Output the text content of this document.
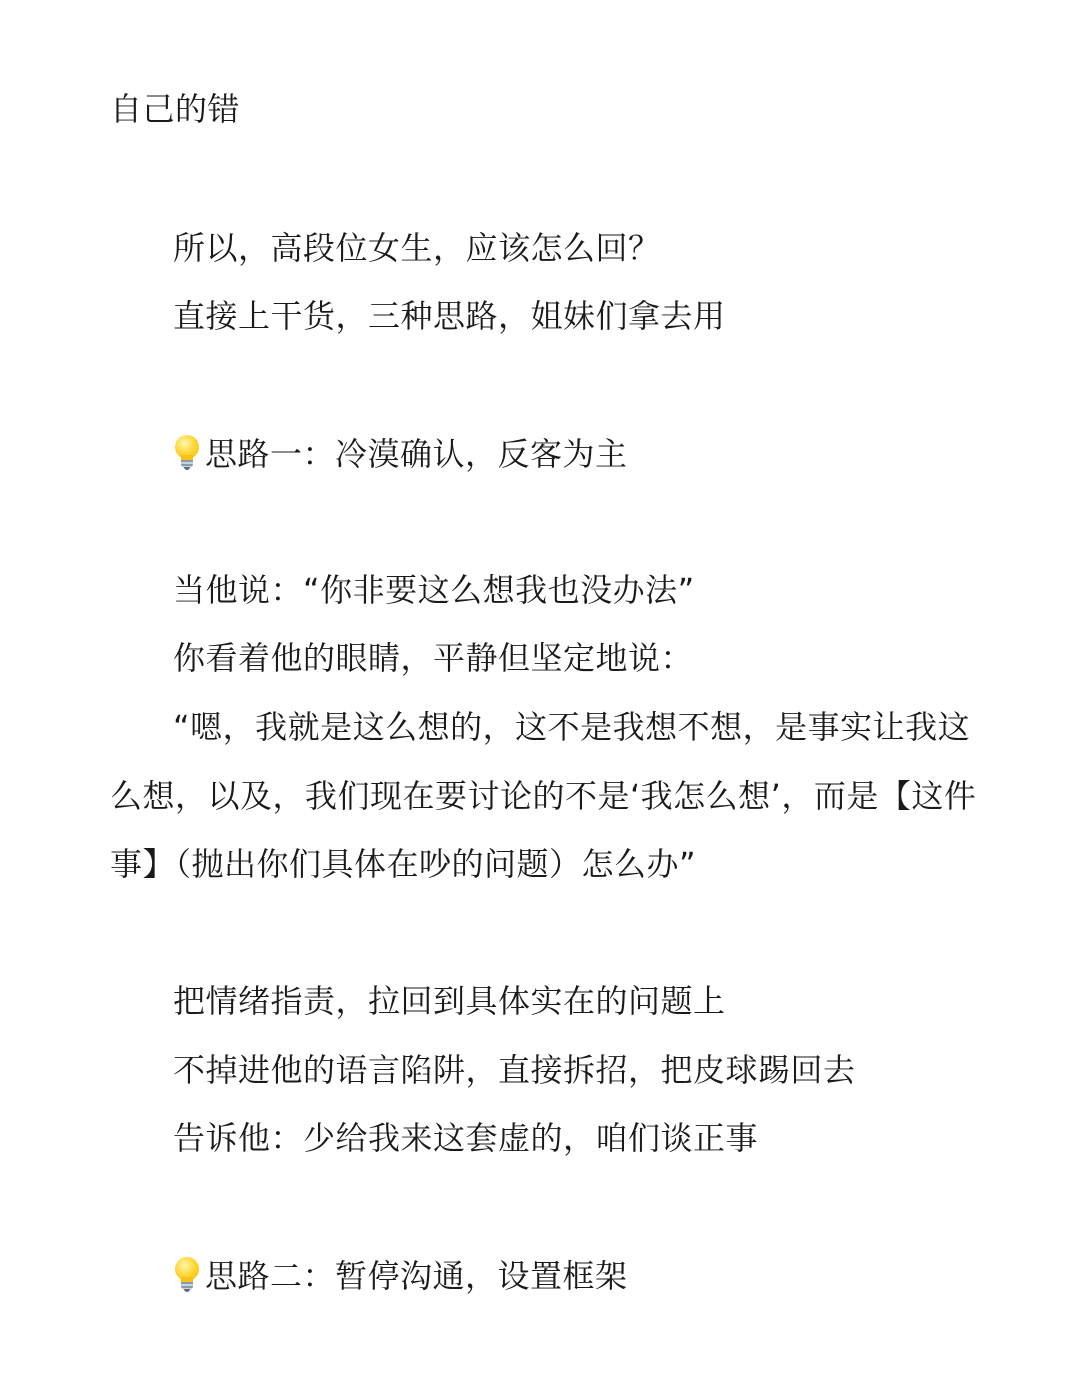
自己的错
所以，高段位女生，应该怎么回？
直接上干货，三种思路，姐妹们拿去用
思路一：冷漠确认，反客为主
当他说：“你非要这么想我也没办法”
你看着他的眼睛，平静但坚定地说：
“嗯，我就是这么想的，这不是我想不想，是事实让我这
么想，以及，我们现在要讨论的不是‘我怎么想’，而是【这件
事】（抛出你们具体在吵的问题）怎么办”
把情绪指责，拉回到具体实在的问题上
不掉进他的语言陷阱，直接拆招，把皮球踢回去
告诉他：少给我来这套虚的，咱们谈正事
思路二：暂停沟通，设置框架
